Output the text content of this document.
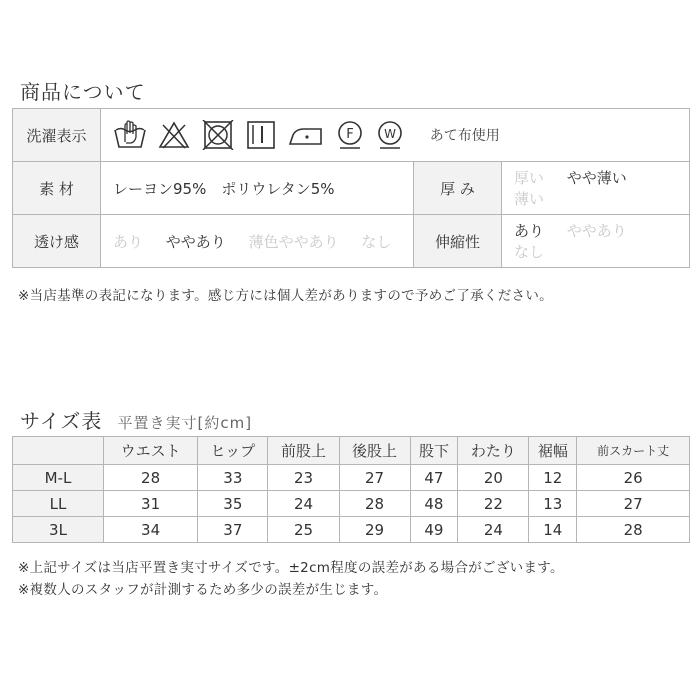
商品について
洗濯表示	F W あて布使用		
素 材	レーヨン95%　ポリウレタン5%	厚 み	厚い やや薄い 薄い
透け感	あり ややあり 薄色ややあり なし	伸縮性	あり ややあり なし
※当店基準の表記になります。感じ方には個人差がありますので予めご了承ください。
サイズ表 平置き実寸[約cm]
	ウエスト	ヒップ	前股上	後股上	股下	わたり	裾幅	前スカート丈
M-L	28	33	23	27	47	20	12	26
LL	31	35	24	28	48	22	13	27
3L	34	37	25	29	49	24	14	28
※上記サイズは当店平置き実寸サイズです。±2cm程度の誤差がある場合がございます。
※複数人のスタッフが計測するため多少の誤差が生じます。
